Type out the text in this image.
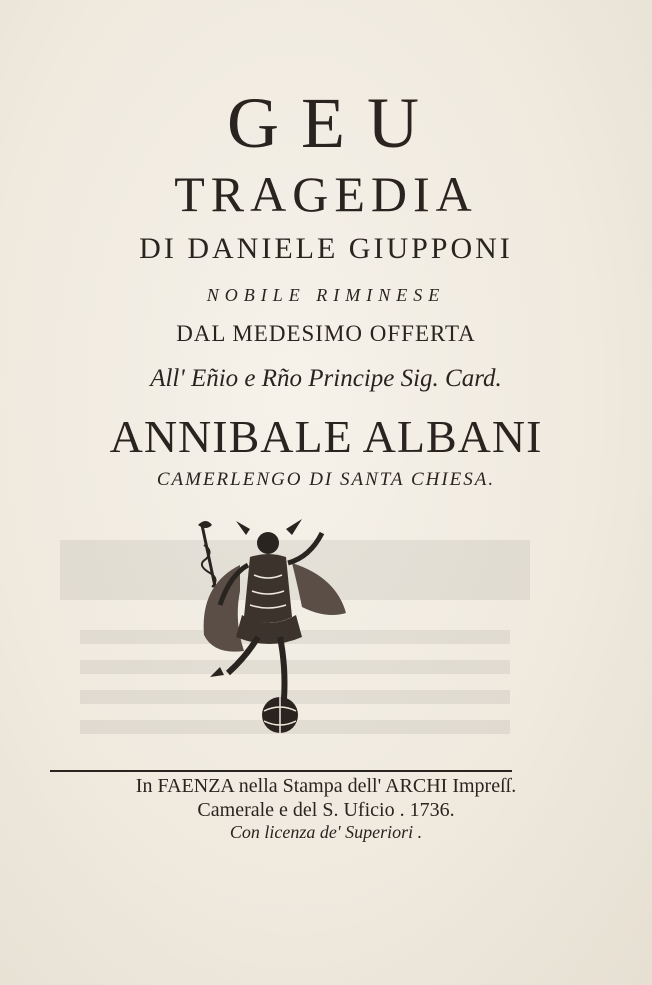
GEU
TRAGEDIA
DI DANIELE GIUPPONI
NOBILE RIMINESE
DAL MEDESIMO OFFERTA
All' Eñio e Rño Principe Sig. Card.
ANNIBALE ALBANI
CAMERLENGO DI SANTA CHIESA.
In FAENZA nella Stampa dell' ARCHI Impreſſ.
Camerale e del S. Uficio . 1736.
Con licenza de' Superiori .
